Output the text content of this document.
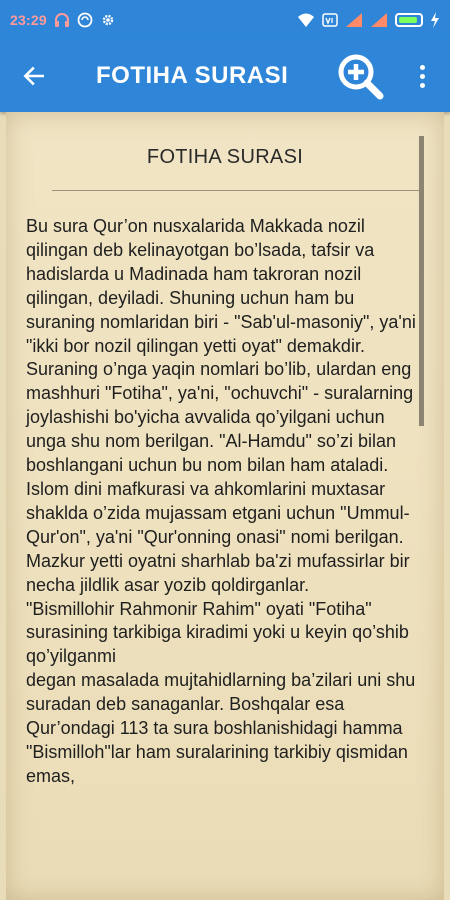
23:29
FOTIHA SURASI
FOTIHA SURASI
Bu sura Qur’on nusxalarida Makkada nozil qilingan deb kelinayotgan bo’lsada, tafsir va hadislarda u Madinada ham takroran nozil qilingan, deyiladi. Shuning uchun ham bu suraning nomlaridan biri - "Sab'ul-masoniy", ya'ni "ikki bor nozil qilingan yetti oyat" demakdir.
Suraning o’nga yaqin nomlari bo’lib, ulardan eng mashhuri "Fotiha", ya'ni, "ochuvchi" - suralarning joylashishi bo'yicha avvalida qo’yilgani uchun unga shu nom berilgan. "Al-Hamdu" so’zi bilan boshlangani uchun bu nom bilan ham ataladi. Islom dini mafkurasi va ahkomlarini muxtasar shaklda o’zida mujassam etgani uchun "Ummul-Qur'on", ya'ni "Qur'onning onasi" nomi berilgan. Mazkur yetti oyatni sharhlab ba'zi mufassirlar bir necha jildlik asar yozib qoldirganlar.
"Bismillohir Rahmonir Rahim" oyati "Fotiha" surasining tarkibiga kiradimi yoki u keyin qo’shib qo’yilganmi
degan masalada mujtahidlarning ba’zilari uni shu suradan deb sanaganlar. Boshqalar esa Qur’ondagi 113 ta sura boshlanishidagi hamma "Bismilloh"lar ham suralarining tarkibiy qismidan emas,
